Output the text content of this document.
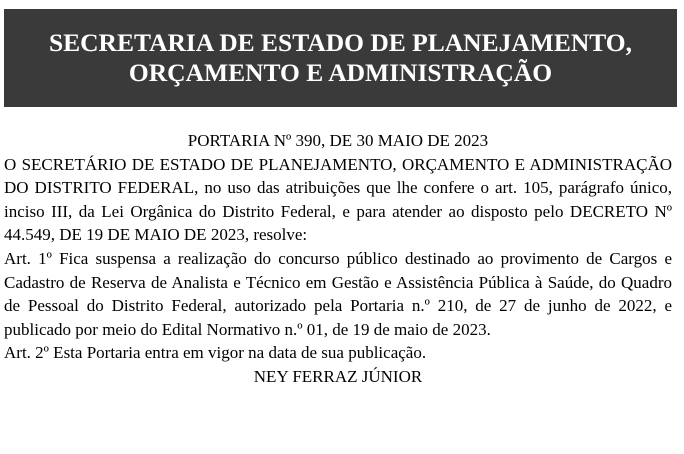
SECRETARIA DE ESTADO DE PLANEJAMENTO,
ORÇAMENTO E ADMINISTRAÇÃO
PORTARIA Nº 390, DE 30 MAIO DE 2023

O SECRETÁRIO DE ESTADO DE PLANEJAMENTO, ORÇAMENTO E ADMINISTRAÇÃO DO DISTRITO FEDERAL, no uso das atribuições que lhe confere o art. 105, parágrafo único, inciso III, da Lei Orgânica do Distrito Federal, e para atender ao disposto pelo DECRETO Nº 44.549, DE 19 DE MAIO DE 2023, resolve:

Art. 1º Fica suspensa a realização do concurso público destinado ao provimento de Cargos e Cadastro de Reserva de Analista e Técnico em Gestão e Assistência Pública à Saúde, do Quadro de Pessoal do Distrito Federal, autorizado pela Portaria n.º 210, de 27 de junho de 2022, e publicado por meio do Edital Normativo n.º 01, de 19 de maio de 2023.

Art. 2º Esta Portaria entra em vigor na data de sua publicação.

NEY FERRAZ JÚNIOR
